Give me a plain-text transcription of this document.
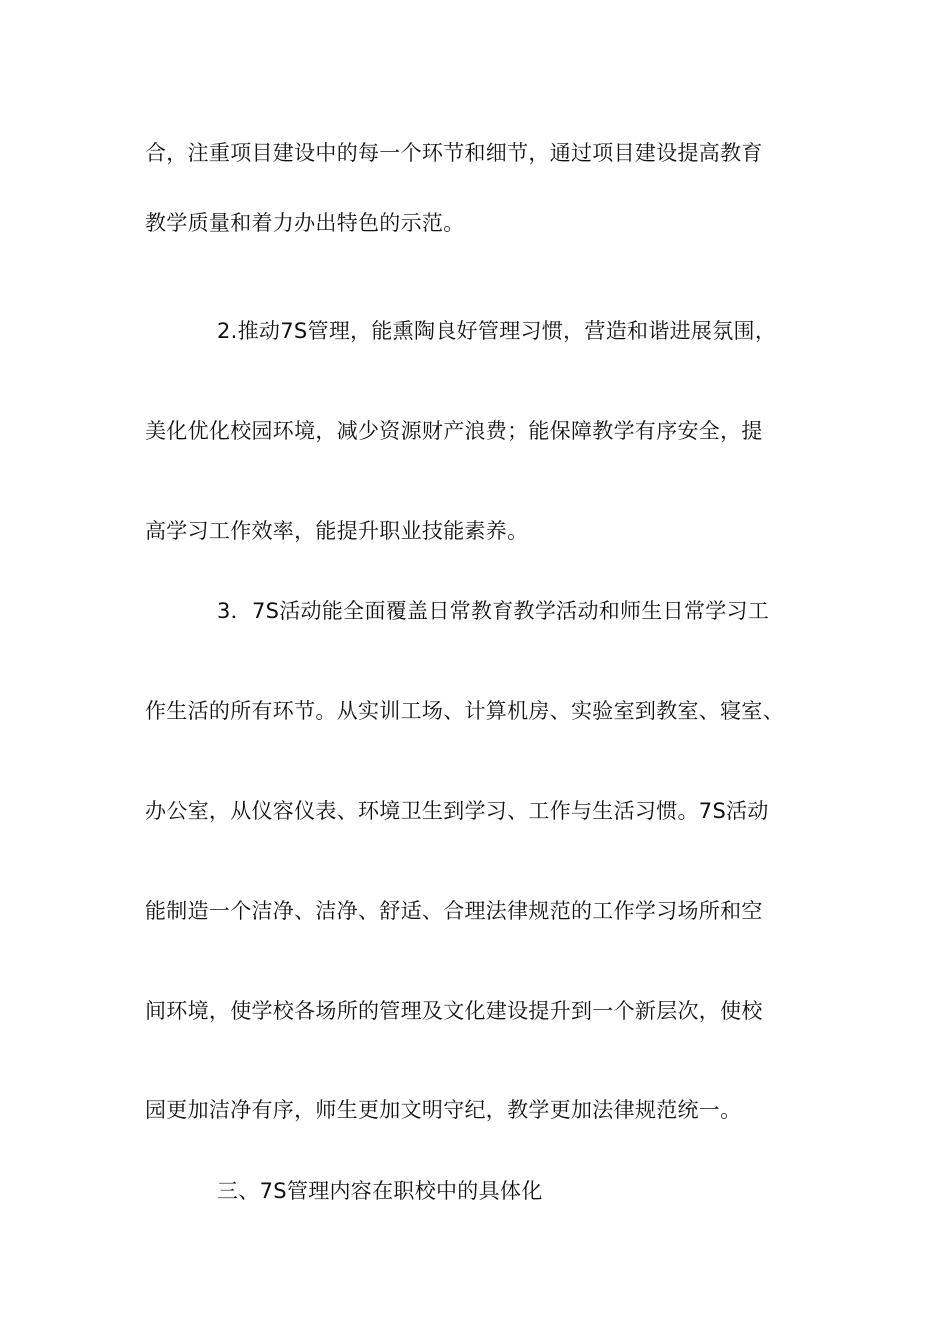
合，注重项目建设中的每一个环节和细节，通过项目建设提高教育
教学质量和着力办出特色的示范。
2.推动7S管理，能熏陶良好管理习惯，营造和谐进展氛围，
美化优化校园环境，减少资源财产浪费；能保障教学有序安全，提
高学习工作效率，能提升职业技能素养。
3．7S活动能全面覆盖日常教育教学活动和师生日常学习工
作生活的所有环节。从实训工场、计算机房、实验室到教室、寝室、
办公室，从仪容仪表、环境卫生到学习、工作与生活习惯。7S活动
能制造一个洁净、洁净、舒适、合理法律规范的工作学习场所和空
间环境，使学校各场所的管理及文化建设提升到一个新层次，使校
园更加洁净有序，师生更加文明守纪，教学更加法律规范统一。
三、7S管理内容在职校中的具体化
